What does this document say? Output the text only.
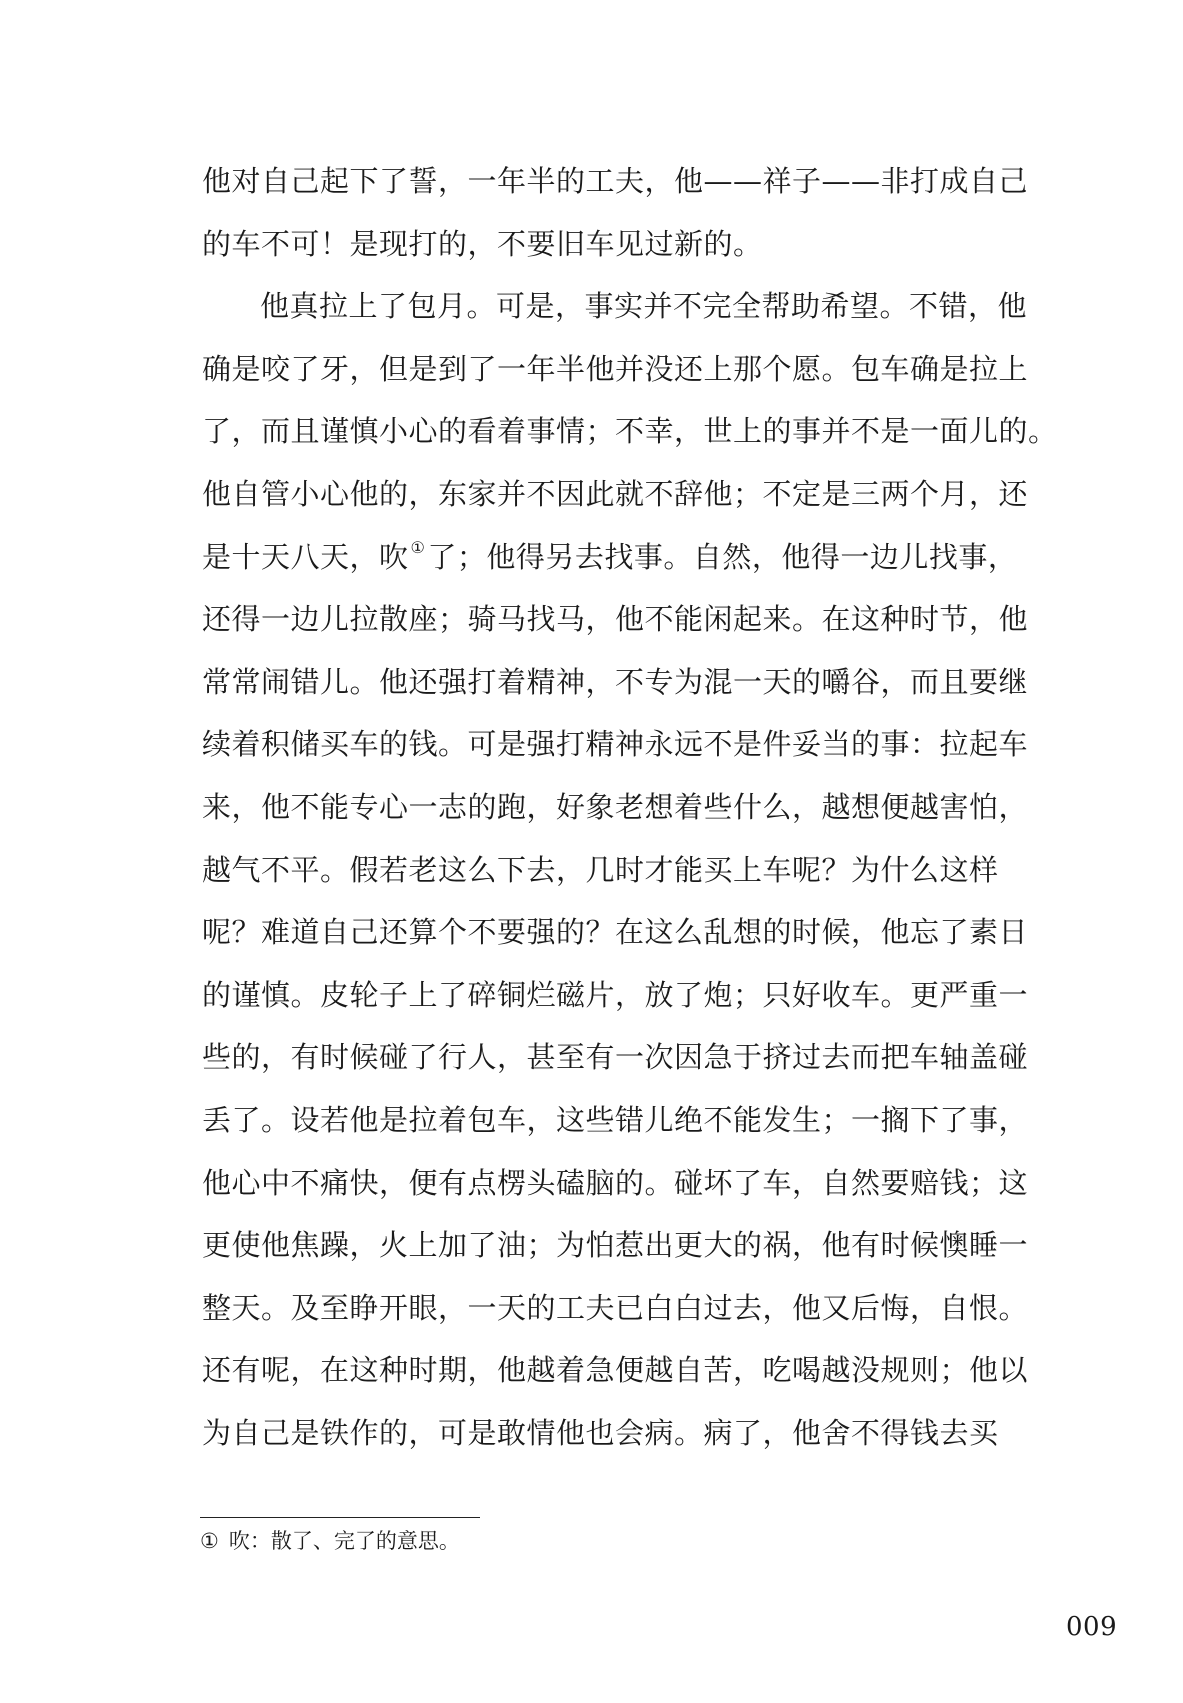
他对自己起下了誓，一年半的工夫，他——祥子——非打成自己
的车不可！是现打的，不要旧车见过新的。
他真拉上了包月。可是，事实并不完全帮助希望。不错，他
确是咬了牙，但是到了一年半他并没还上那个愿。包车确是拉上
了，而且谨慎小心的看着事情；不幸，世上的事并不是一面儿的。
他自管小心他的，东家并不因此就不辞他；不定是三两个月，还
是十天八天，吹 ①了；他得另去找事。自然，他得一边儿找事，
还得一边儿拉散座；骑马找马，他不能闲起来。在这种时节，他
常常闹错儿。他还强打着精神，不专为混一天的嚼谷，而且要继
续着积储买车的钱。可是强打精神永远不是件妥当的事：拉起车
来，他不能专心一志的跑，好象老想着些什么，越想便越害怕，
越气不平。假若老这么下去，几时才能买上车呢？为什么这样
呢？难道自己还算个不要强的？在这么乱想的时候，他忘了素日
的谨慎。皮轮子上了碎铜烂磁片，放了炮；只好收车。更严重一
些的，有时候碰了行人，甚至有一次因急于挤过去而把车轴盖碰
丢了。设若他是拉着包车，这些错儿绝不能发生；一搁下了事，
他心中不痛快，便有点楞头磕脑的。碰坏了车，自然要赔钱；这
更使他焦躁，火上加了油；为怕惹出更大的祸，他有时候懊睡一
整天。及至睁开眼，一天的工夫已白白过去，他又后悔，自恨。
还有呢，在这种时期，他越着急便越自苦，吃喝越没规则；他以
为自己是铁作的，可是敢情他也会病。病了，他舍不得钱去买
① 吹：散了、完了的意思。
009
